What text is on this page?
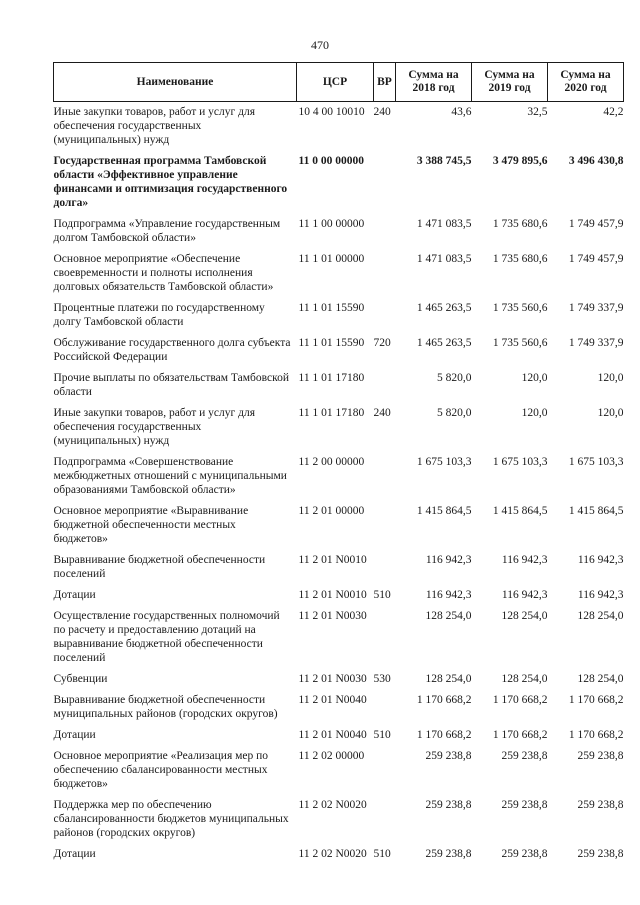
470
Наименование	ЦСР	ВР	Сумма на 2018 год	Сумма на 2019 год	Сумма на 2020 год
Иные закупки товаров, работ и услуг для обеспечения государственных (муниципальных) нужд	10 4 00 10010	240	43,6	32,5	42,2
Государственная программа Тамбовской области «Эффективное управление финансами и оптимизация государственного долга»	11 0 00 00000		3 388 745,5	3 479 895,6	3 496 430,8
Подпрограмма «Управление государственным долгом Тамбовской области»	11 1 00 00000		1 471 083,5	1 735 680,6	1 749 457,9
Основное мероприятие «Обеспечение своевременности и полноты исполнения долговых обязательств Тамбовской области»	11 1 01 00000		1 471 083,5	1 735 680,6	1 749 457,9
Процентные платежи по государственному долгу Тамбовской области	11 1 01 15590		1 465 263,5	1 735 560,6	1 749 337,9
Обслуживание государственного долга субъекта Российской Федерации	11 1 01 15590	720	1 465 263,5	1 735 560,6	1 749 337,9
Прочие выплаты по обязательствам Тамбовской области	11 1 01 17180		5 820,0	120,0	120,0
Иные закупки товаров, работ и услуг для обеспечения государственных (муниципальных) нужд	11 1 01 17180	240	5 820,0	120,0	120,0
Подпрограмма «Совершенствование межбюджетных отношений с муниципальными образованиями Тамбовской области»	11 2 00 00000		1 675 103,3	1 675 103,3	1 675 103,3
Основное мероприятие «Выравнивание бюджетной обеспеченности местных бюджетов»	11 2 01 00000		1 415 864,5	1 415 864,5	1 415 864,5
Выравнивание бюджетной обеспеченности поселений	11 2 01 N0010		116 942,3	116 942,3	116 942,3
Дотации	11 2 01 N0010	510	116 942,3	116 942,3	116 942,3
Осуществление государственных полномочий по расчету и предоставлению дотаций на выравнивание бюджетной обеспеченности поселений	11 2 01 N0030		128 254,0	128 254,0	128 254,0
Субвенции	11 2 01 N0030	530	128 254,0	128 254,0	128 254,0
Выравнивание бюджетной обеспеченности муниципальных районов (городских округов)	11 2 01 N0040		1 170 668,2	1 170 668,2	1 170 668,2
Дотации	11 2 01 N0040	510	1 170 668,2	1 170 668,2	1 170 668,2
Основное мероприятие «Реализация мер по обеспечению сбалансированности местных бюджетов»	11 2 02 00000		259 238,8	259 238,8	259 238,8
Поддержка мер по обеспечению сбалансированности бюджетов муниципальных районов (городских округов)	11 2 02 N0020		259 238,8	259 238,8	259 238,8
Дотации	11 2 02 N0020	510	259 238,8	259 238,8	259 238,8
